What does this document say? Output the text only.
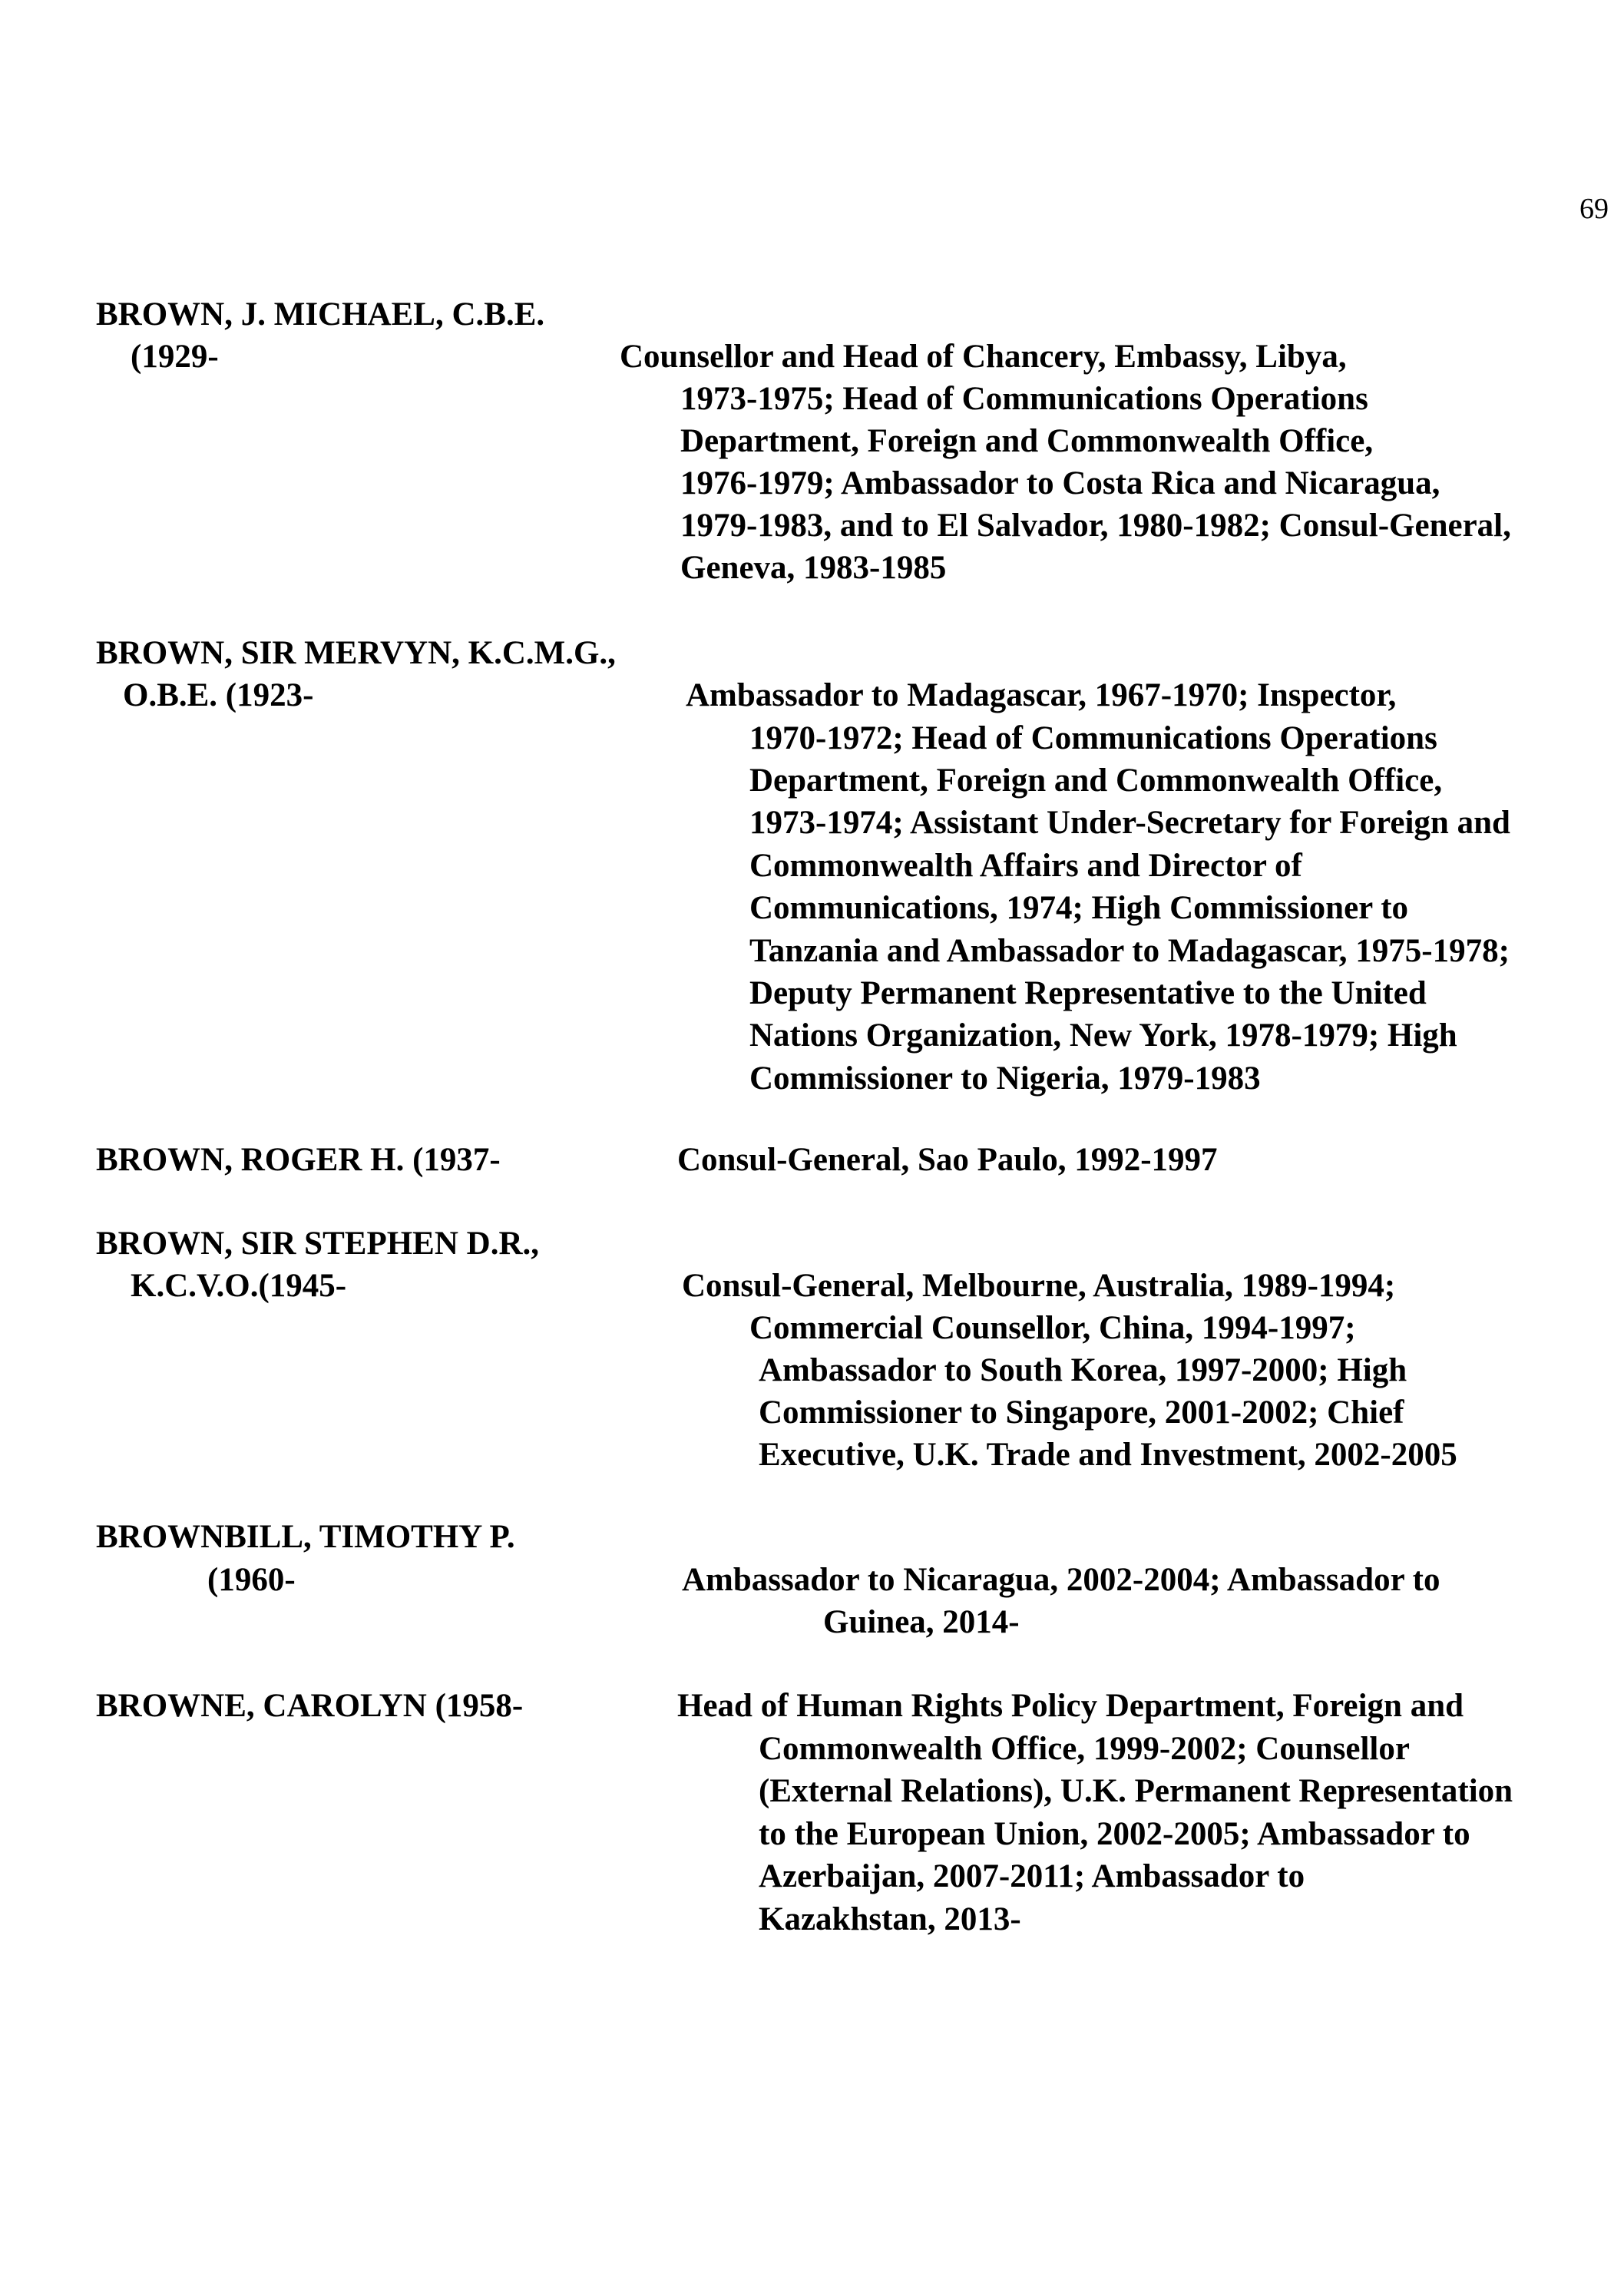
69
BROWN, J. MICHAEL, C.B.E.
(1929-	Counsellor and Head of Chancery, Embassy, Libya,
1973-1975; Head of Communications Operations
Department, Foreign and Commonwealth Office,
1976-1979; Ambassador to Costa Rica and Nicaragua,
1979-1983, and to El Salvador, 1980-1982; Consul-General,
Geneva, 1983-1985
BROWN, SIR MERVYN, K.C.M.G.,
O.B.E. (1923-	Ambassador to Madagascar, 1967-1970; Inspector,
1970-1972; Head of Communications Operations
Department, Foreign and Commonwealth Office,
1973-1974; Assistant Under-Secretary for Foreign and
Commonwealth Affairs and Director of
Communications, 1974; High Commissioner to
Tanzania and Ambassador to Madagascar, 1975-1978;
Deputy Permanent Representative to the United
Nations Organization, New York, 1978-1979; High
Commissioner to Nigeria, 1979-1983
BROWN, ROGER H. (1937-	Consul-General, Sao Paulo, 1992-1997
BROWN, SIR STEPHEN D.R.,
K.C.V.O.(1945-	Consul-General, Melbourne, Australia, 1989-1994;
Commercial Counsellor, China, 1994-1997;
Ambassador to South Korea, 1997-2000; High
Commissioner to Singapore, 2001-2002; Chief
Executive, U.K. Trade and Investment, 2002-2005
BROWNBILL, TIMOTHY P.
(1960-	Ambassador to Nicaragua, 2002-2004; Ambassador to
Guinea, 2014-
BROWNE, CAROLYN (1958-	Head of Human Rights Policy Department, Foreign and
Commonwealth Office, 1999-2002; Counsellor
(External Relations), U.K. Permanent Representation
to the European Union, 2002-2005; Ambassador to
Azerbaijan, 2007-2011; Ambassador to
Kazakhstan, 2013-
